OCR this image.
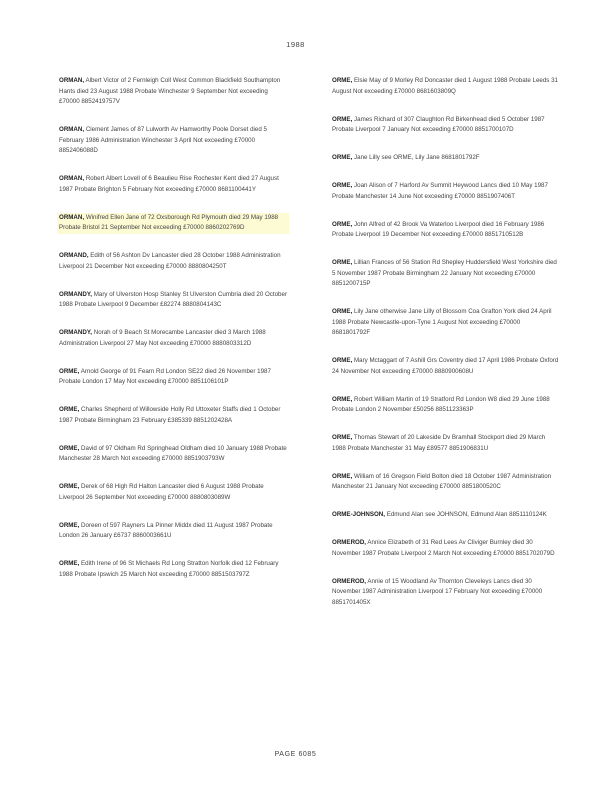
1988

ORMAN, Albert Victor of 2 Fernleigh Coll West Common Blackfield Southampton Hants died 23 August 1988 Probate Winchester 9 September Not exceeding £70000 8852419757V

ORMAN, Clement James of 87 Lulworth Av Hamworthy Poole Dorset died 5 February 1986 Administration Winchester 3 April Not exceeding £70000 8852406088D

ORMAN, Robert Albert Lovell of 6 Beaulieu Rise Rochester Kent died 27 August 1987 Probate Brighton 5 February Not exceeding £70000 8681100441Y

ORMAN, Winifred Ellen Jane of 72 Oxsborough Rd Plymouth died 29 May 1988 Probate Bristol 21 September Not exceeding £70000 8860202769D

ORMAND, Edith of 56 Ashton Dv Lancaster died 28 October 1988 Administration Liverpool 21 December Not exceeding £70000 8880804250T

ORMANDY, Mary of Ulverston Hosp Stanley St Ulverston Cumbria died 20 October 1988 Probate Liverpool 9 December £82274 8880804143C

ORMANDY, Norah of 9 Beach St Morecambe Lancaster died 3 March 1988 Administration Liverpool 27 May Not exceeding £70000 8880803312D

ORME, Arnold George of 91 Fearn Rd London SE22 died 26 November 1987 Probate London 17 May Not exceeding £70000 8851106101P

ORME, Charles Shepherd of Willowside Holly Rd Uttoxeter Staffs died 1 October 1987 Probate Birmingham 23 February £385339 8851202428A

ORME, David of 97 Oldham Rd Springhead Oldham died 10 January 1988 Probate Manchester 28 March Not exceeding £70000 8851903793W

ORME, Derek of 68 High Rd Halton Lancaster died 6 August 1988 Probate Liverpool 26 September Not exceeding £70000 8880803089W

ORME, Doreen of 597 Rayners La Pinner Middx died 11 August 1987 Probate London 26 January £6737 8860003661U

ORME, Edith Irene of 96 St Michaels Rd Long Stratton Norfolk died 12 February 1988 Probate Ipswich 25 March Not exceeding £70000 8851503797Z

ORME, Elsie May of 9 Morley Rd Doncaster died 1 August 1988 Probate Leeds 31 August Not exceeding £70000 8681603809Q

ORME, James Richard of 307 Claughton Rd Birkenhead died 5 October 1987 Probate Liverpool 7 January Not exceeding £70000 8851700107D

ORME, Jane Lilly see ORME, Lily Jane 8681801792F

ORME, Joan Alison of 7 Harford Av Summit Heywood Lancs died 10 May 1987 Probate Manchester 14 June Not exceeding £70000 8851907406T

ORME, John Alfred of 42 Brook Va Waterloo Liverpool died 16 February 1986 Probate Liverpool 19 December Not exceeding £70000 8851710512B

ORME, Lillian Frances of 56 Station Rd Shepley Huddersfield West Yorkshire died 5 November 1987 Probate Birmingham 22 January Not exceeding £70000 8851200715P

ORME, Lily Jane otherwise Jane Lilly of Blossom Coa Grafton York died 24 April 1988 Probate Newcastle-upon-Tyne 1 August Not exceeding £70000 8681801792F

ORME, Mary Mctaggart of 7 Ashill Grs Coventry died 17 April 1986 Probate Oxford 24 November Not exceeding £70000 8880900608U

ORME, Robert William Martin of 19 Stratford Rd London W8 died 29 June 1988 Probate London 2 November £50256 8851123363P

ORME, Thomas Stewart of 20 Lakeside Dv Bramhall Stockport died 29 March 1988 Probate Manchester 31 May £89577 8851906831U

ORME, William of 16 Gregson Field Bolton died 18 October 1987 Administration Manchester 21 January Not exceeding £70000 8851800520C

ORME-JOHNSON, Edmund Alan see JOHNSON, Edmund Alan 8851110124K

ORMEROD, Annice Elizabeth of 31 Red Lees Av Cliviger Burnley died 30 November 1987 Probate Liverpool 2 March Not exceeding £70000 8851702079D

ORMEROD, Annie of 15 Woodland Av Thornton Cleveleys Lancs died 30 November 1987 Administration Liverpool 17 February Not exceeding £70000 8851701405X

PAGE 6085
